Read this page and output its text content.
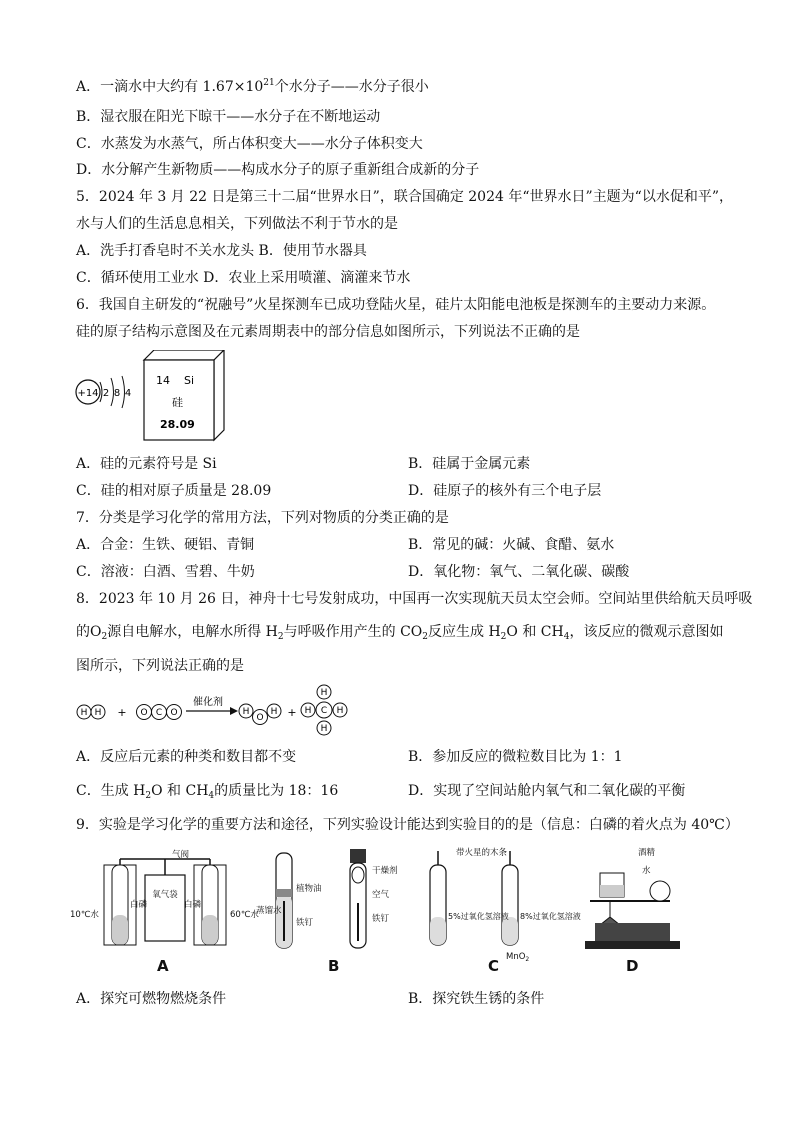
A．一滴水中大约有 $1.67\times 10^{21}$个水分子——水分子很小
B．湿衣服在阳光下晾干——水分子在不断地运动
C．水蒸发为水蒸气，所占体积变大——水分子体积变大
D．水分解产生新物质——构成水分子的原子重新组合成新的分子
5．2024 年 3 月 22 日是第三十二届“世界水日”，联合国确定 2024 年“世界水日”主题为“以水促和平”，
水与人们的生活息息相关，下列做法不利于节水的是
A．洗手打香皂时不关水龙头 B．使用节水器具
C．循环使用工业水 D．农业上采用喷灌、滴灌来节水
6．我国自主研发的“祝融号”火星探测车已成功登陆火星，硅片太阳能电池板是探测车的主要动力来源。
硅的原子结构示意图及在元素周期表中的部分信息如图所示，下列说法不正确的是
+14 2 8 4
14 Si
硅
28.09
A．硅的元素符号是 Si	B．硅属于金属元素
C．硅的相对原子质量是 28.09	D．硅原子的核外有三个电子层
7．分类是学习化学的常用方法，下列对物质的分类正确的是
A．合金：生铁、硬铝、青铜	B．常见的碱：火碱、食醋、氨水
C．溶液：白酒、雪碧、牛奶	D．氧化物：氧气、二氧化碳、碳酸
8．2023 年 10 月 26 日，神舟十七号发射成功，中国再一次实现航天员太空会师。空间站里供给航天员呼吸
的$O_2$源自电解水，电解水所得 $H_2$与呼吸作用产生的 $CO_2$反应生成 $H_2O$ 和 $CH_4$，该反应的微观示意图如
图所示，下列说法正确的是
H H + O C O
催化剂
H
O
H +
H
H C H
H
A．反应后元素的种类和数目都不变	B．参加反应的微粒数目比为 1：1
C．生成 $H_2O$ 和 $CH_4$的质量比为 18：16	D．实现了空间站舱内氧气和二氧化碳的平衡
9．实验是学习化学的重要方法和途径，下列实验设计能达到实验目的的是（信息：白磷的着火点为 40℃）
氧气袋
气阀
10℃水
白磷	白磷
60℃水
A
植物油
蒸馏水
铁钉
干燥剂
空气
铁钉
B
带火星的木条
5%过氧化氢溶液 8%过氧化氢溶液
MnO$_2$
C
酒精
水
D
A．探究可燃物燃烧条件	B．探究铁生锈的条件
